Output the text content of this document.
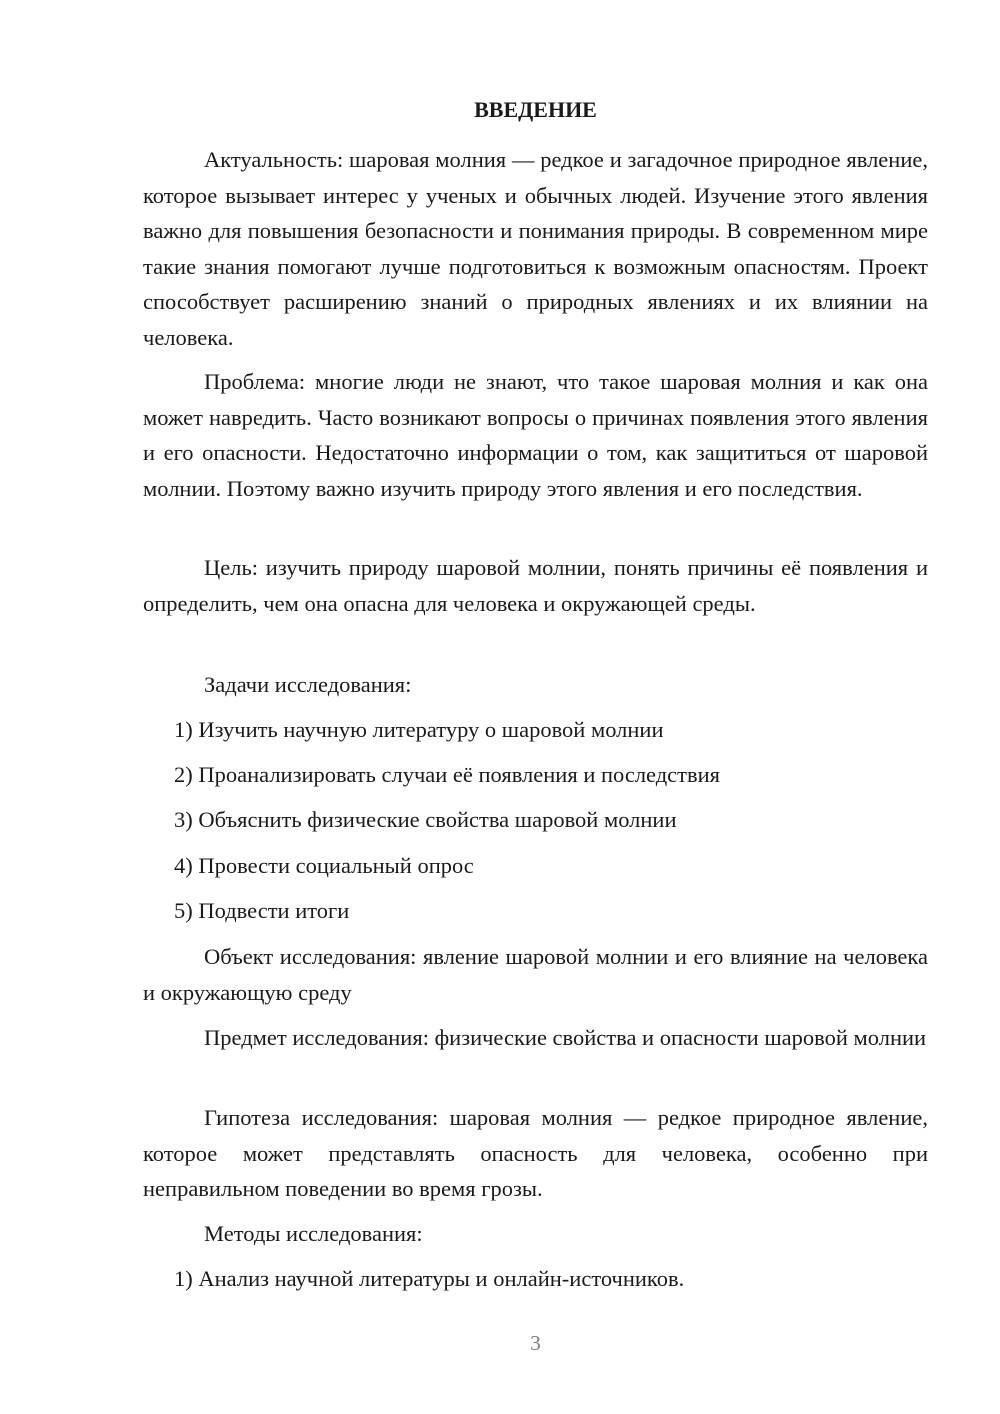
ВВЕДЕНИЕ

Актуальность: шаровая молния — редкое и загадочное природное явление, которое вызывает интерес у ученых и обычных людей. Изучение этого явления важно для повышения безопасности и понимания природы. В современном мире такие знания помогают лучше подготовиться к возможным опасностям. Проект способствует расширению знаний о природных явлениях и их влиянии на человека.

Проблема: многие люди не знают, что такое шаровая молния и как она может навредить. Часто возникают вопросы о причинах появления этого явления и его опасности. Недостаточно информации о том, как защититься от шаровой молнии. Поэтому важно изучить природу этого явления и его последствия.

Цель: изучить природу шаровой молнии, понять причины её появления и определить, чем она опасна для человека и окружающей среды.

Задачи исследования:

1) Изучить научную литературу о шаровой молнии

2) Проанализировать случаи её появления и последствия

3) Объяснить физические свойства шаровой молнии

4) Провести социальный опрос

5) Подвести итоги

Объект исследования: явление шаровой молнии и его влияние на человека и окружающую среду

Предмет исследования: физические свойства и опасности шаровой молнии

Гипотеза исследования: шаровая молния — редкое природное явление, которое может представлять опасность для человека, особенно при неправильном поведении во время грозы.

Методы исследования:

1) Анализ научной литературы и онлайн-источников.

3
